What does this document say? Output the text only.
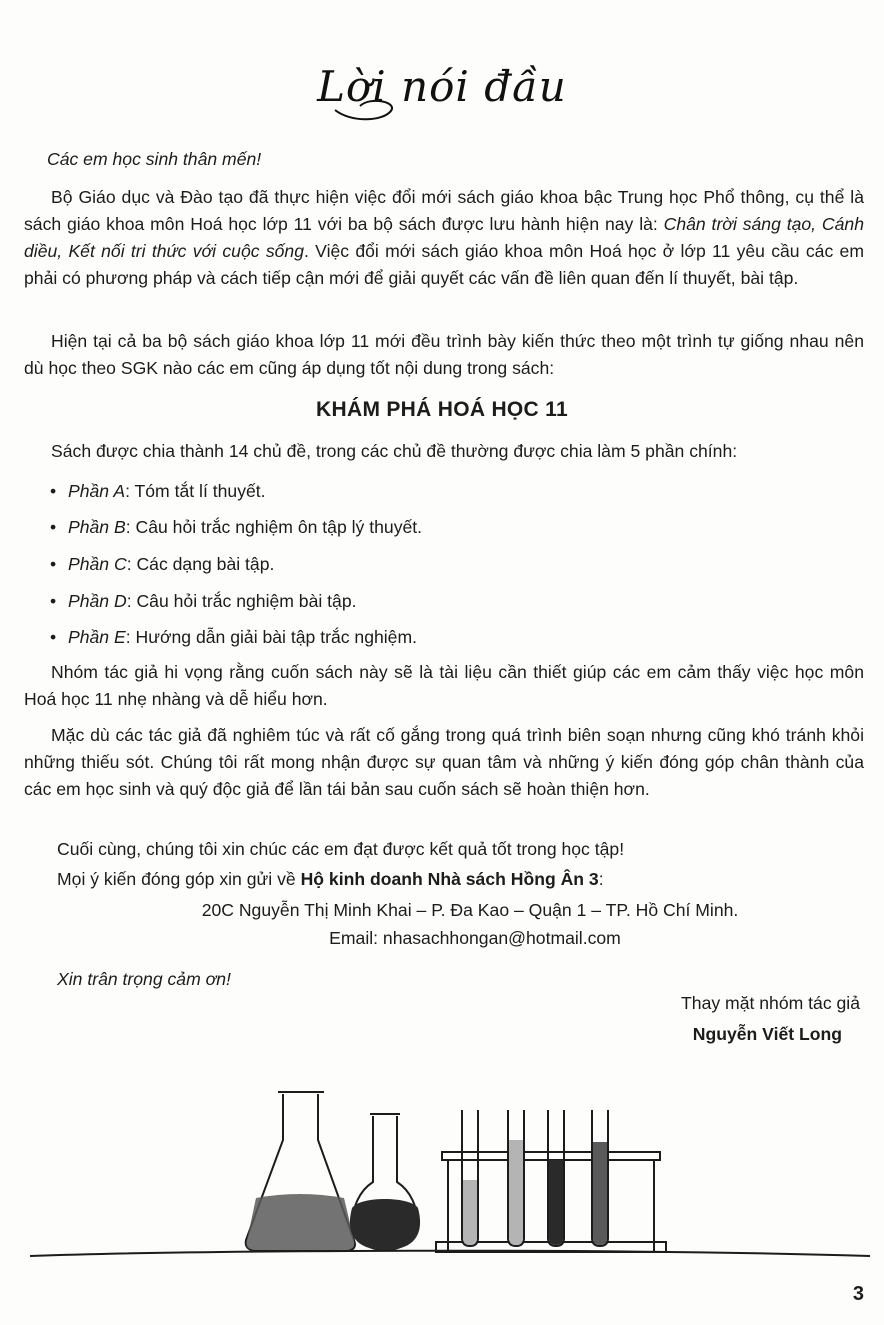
Lời nói đầu

Các em học sinh thân mến!

Bộ Giáo dục và Đào tạo đã thực hiện việc đổi mới sách giáo khoa bậc Trung học Phổ thông, cụ thể là sách giáo khoa môn Hoá học lớp 11 với ba bộ sách được lưu hành hiện nay là: Chân trời sáng tạo, Cánh diều, Kết nối tri thức với cuộc sống. Việc đổi mới sách giáo khoa môn Hoá học ở lớp 11 yêu cầu các em phải có phương pháp và cách tiếp cận mới để giải quyết các vấn đề liên quan đến lí thuyết, bài tập.

Hiện tại cả ba bộ sách giáo khoa lớp 11 mới đều trình bày kiến thức theo một trình tự giống nhau nên dù học theo SGK nào các em cũng áp dụng tốt nội dung trong sách:

KHÁM PHÁ HOÁ HỌC 11

Sách được chia thành 14 chủ đề, trong các chủ đề thường được chia làm 5 phần chính:

• Phần A: Tóm tắt lí thuyết.
• Phần B: Câu hỏi trắc nghiệm ôn tập lý thuyết.
• Phần C: Các dạng bài tập.
• Phần D: Câu hỏi trắc nghiệm bài tập.
• Phần E: Hướng dẫn giải bài tập trắc nghiệm.

Nhóm tác giả hi vọng rằng cuốn sách này sẽ là tài liệu cần thiết giúp các em cảm thấy việc học môn Hoá học 11 nhẹ nhàng và dễ hiểu hơn.

Mặc dù các tác giả đã nghiêm túc và rất cố gắng trong quá trình biên soạn nhưng cũng khó tránh khỏi những thiếu sót. Chúng tôi rất mong nhận được sự quan tâm và những ý kiến đóng góp chân thành của các em học sinh và quý độc giả để lần tái bản sau cuốn sách sẽ hoàn thiện hơn.

Cuối cùng, chúng tôi xin chúc các em đạt được kết quả tốt trong học tập!

Mọi ý kiến đóng góp xin gửi về Hộ kinh doanh Nhà sách Hồng Ân 3:

20C Nguyễn Thị Minh Khai – P. Đa Kao – Quận 1 – TP. Hồ Chí Minh.

Email: nhasachhongan@hotmail.com

Xin trân trọng cảm ơn!

Thay mặt nhóm tác giả
Nguyễn Viết Long
3
